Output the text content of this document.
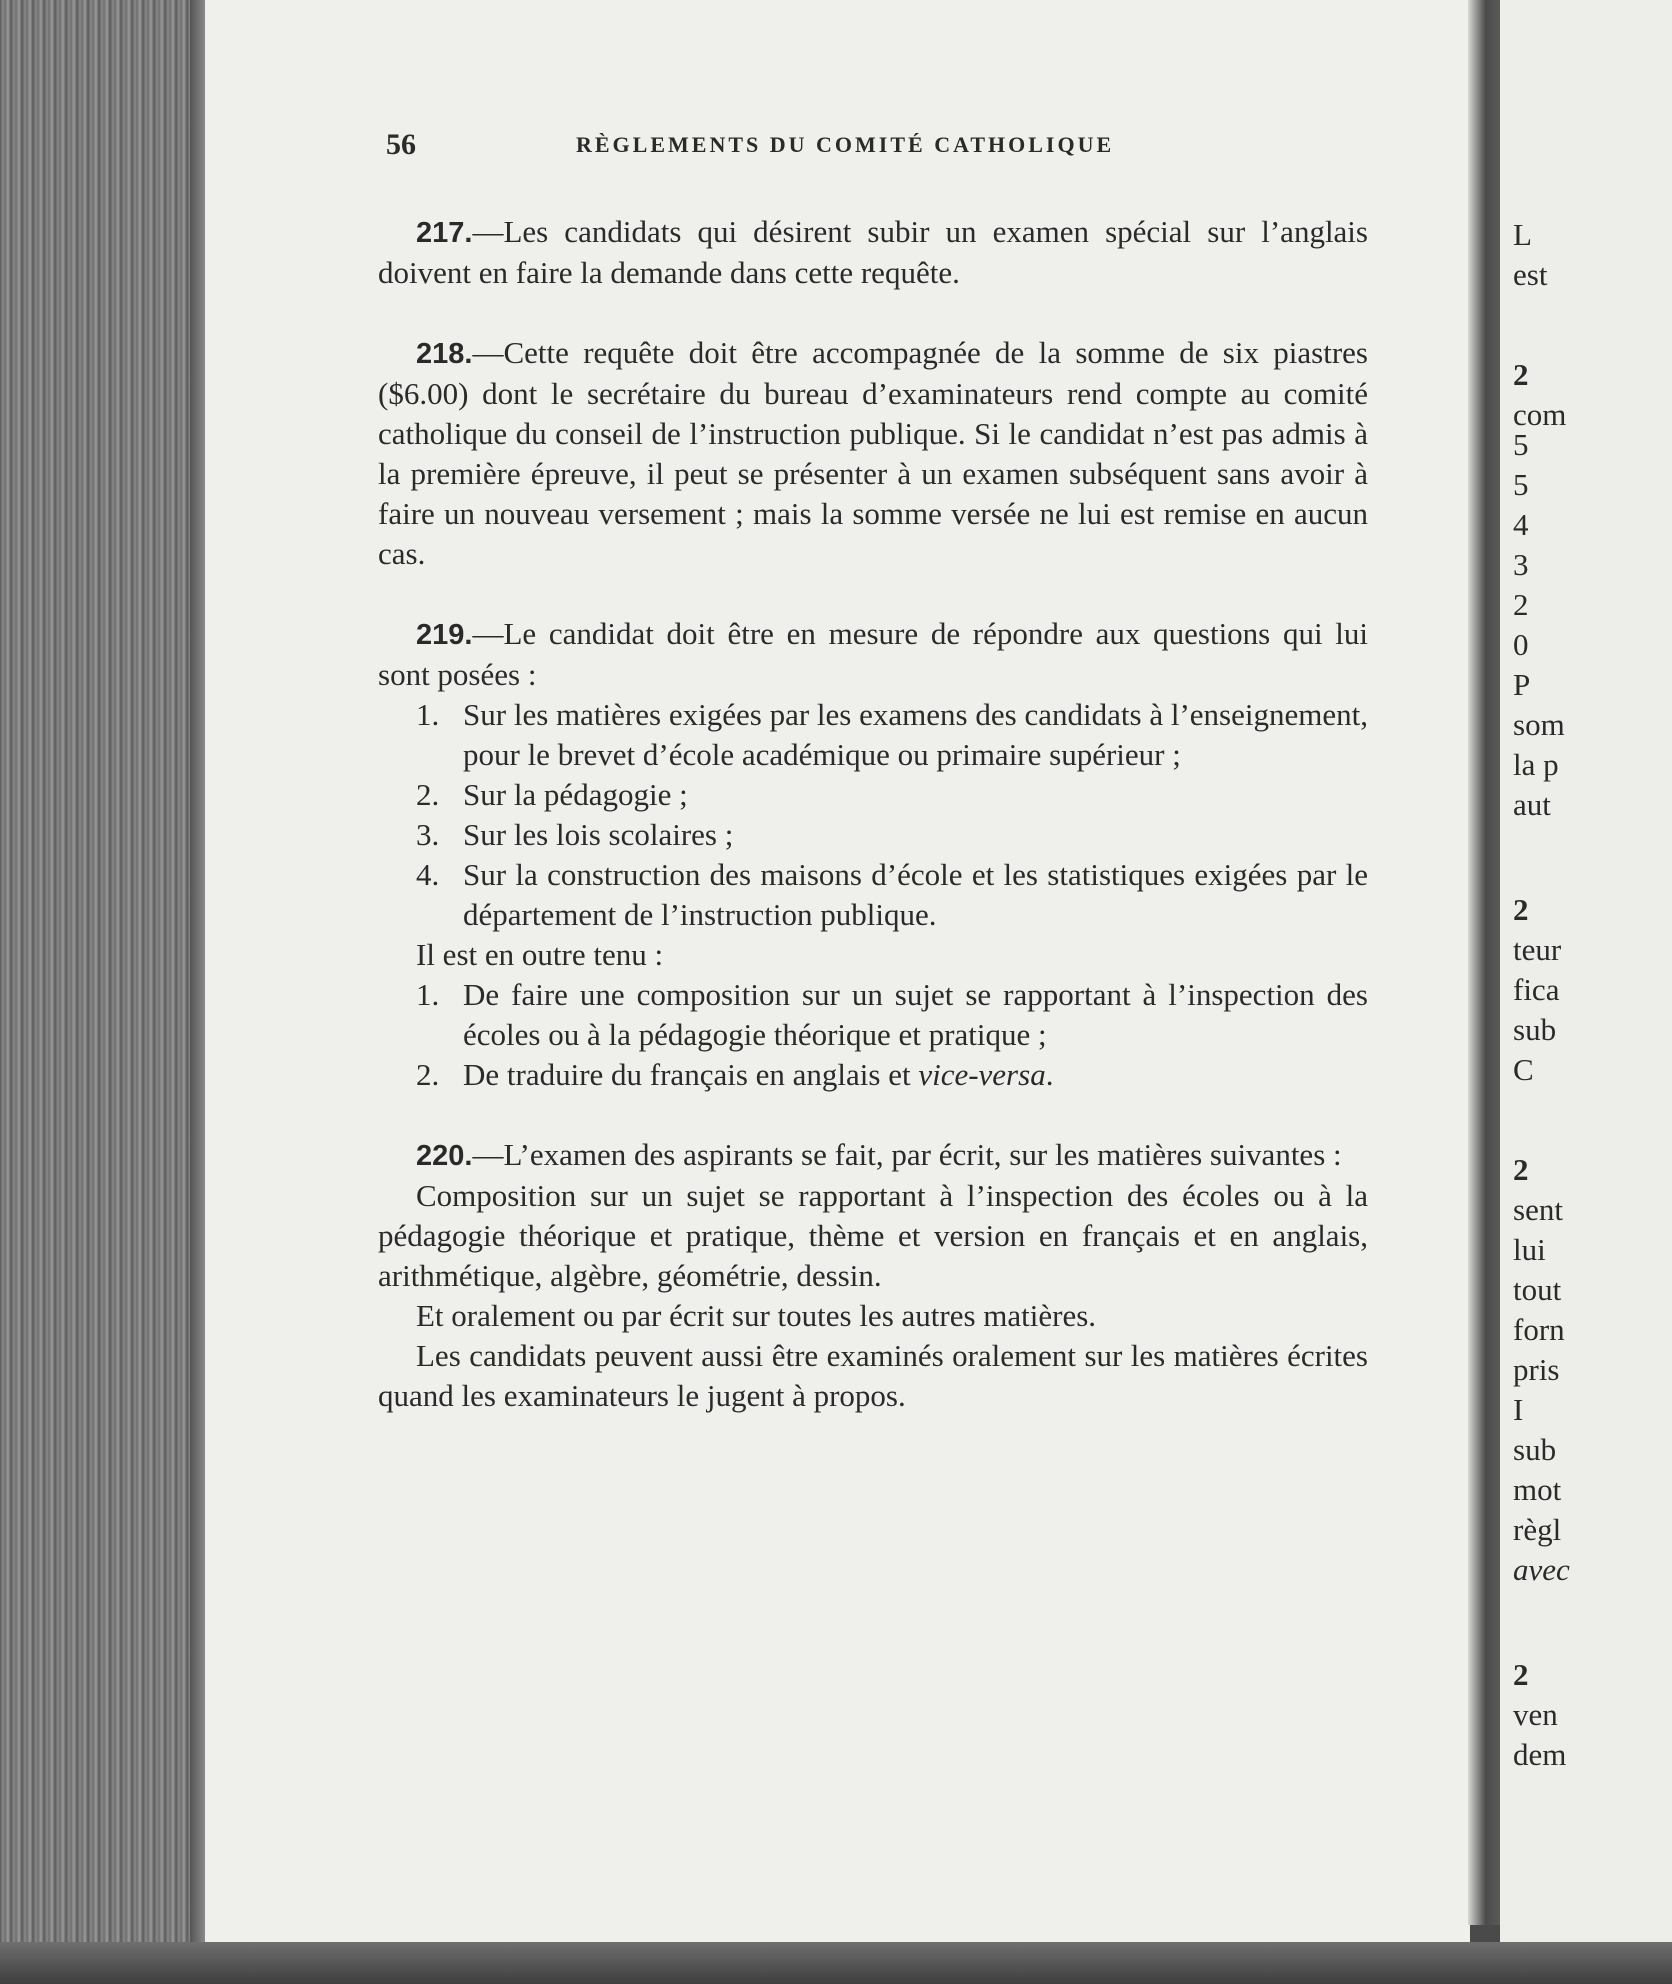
56	RÈGLEMENTS DU COMITÉ CATHOLIQUE

217.—Les candidats qui désirent subir un examen spécial sur l’anglais doivent en faire la demande dans cette requête.

218.—Cette requête doit être accompagnée de la somme de six piastres ($6.00) dont le secrétaire du bureau d’examinateurs rend compte au comité catholique du conseil de l’instruction publique. Si le candidat n’est pas admis à la première épreuve, il peut se présenter à un examen subséquent sans avoir à faire un nouveau versement ; mais la somme versée ne lui est remise en aucun cas.

219.—Le candidat doit être en mesure de répondre aux questions qui lui sont posées :

1. Sur les matières exigées par les examens des candidats à l’enseignement, pour le brevet d’école académique ou primaire supérieur ;
2. Sur la pédagogie ;
3. Sur les lois scolaires ;
4. Sur la construction des maisons d’école et les statistiques exigées par le département de l’instruction publique.

Il est en outre tenu :

1. De faire une composition sur un sujet se rapportant à l’inspection des écoles ou à la pédagogie théorique et pratique ;
2. De traduire du français en anglais et vice-versa.

220.—L’examen des aspirants se fait, par écrit, sur les matières suivantes :

Composition sur un sujet se rapportant à l’inspection des écoles ou à la pédagogie théorique et pratique, thème et version en français et en anglais, arithmétique, algèbre, géométrie, dessin.

Et oralement ou par écrit sur toutes les autres matières.

Les candidats peuvent aussi être examinés oralement sur les matières écrites quand les examinateurs le jugent à propos.

L
est
2
com
5
5
4
3
2
0
P
som
la p
aut
2
teur
fica
sub
C
2
sent
lui
tout
forn
pris
I
sub
mot
règl
avec
2
ven
dem
